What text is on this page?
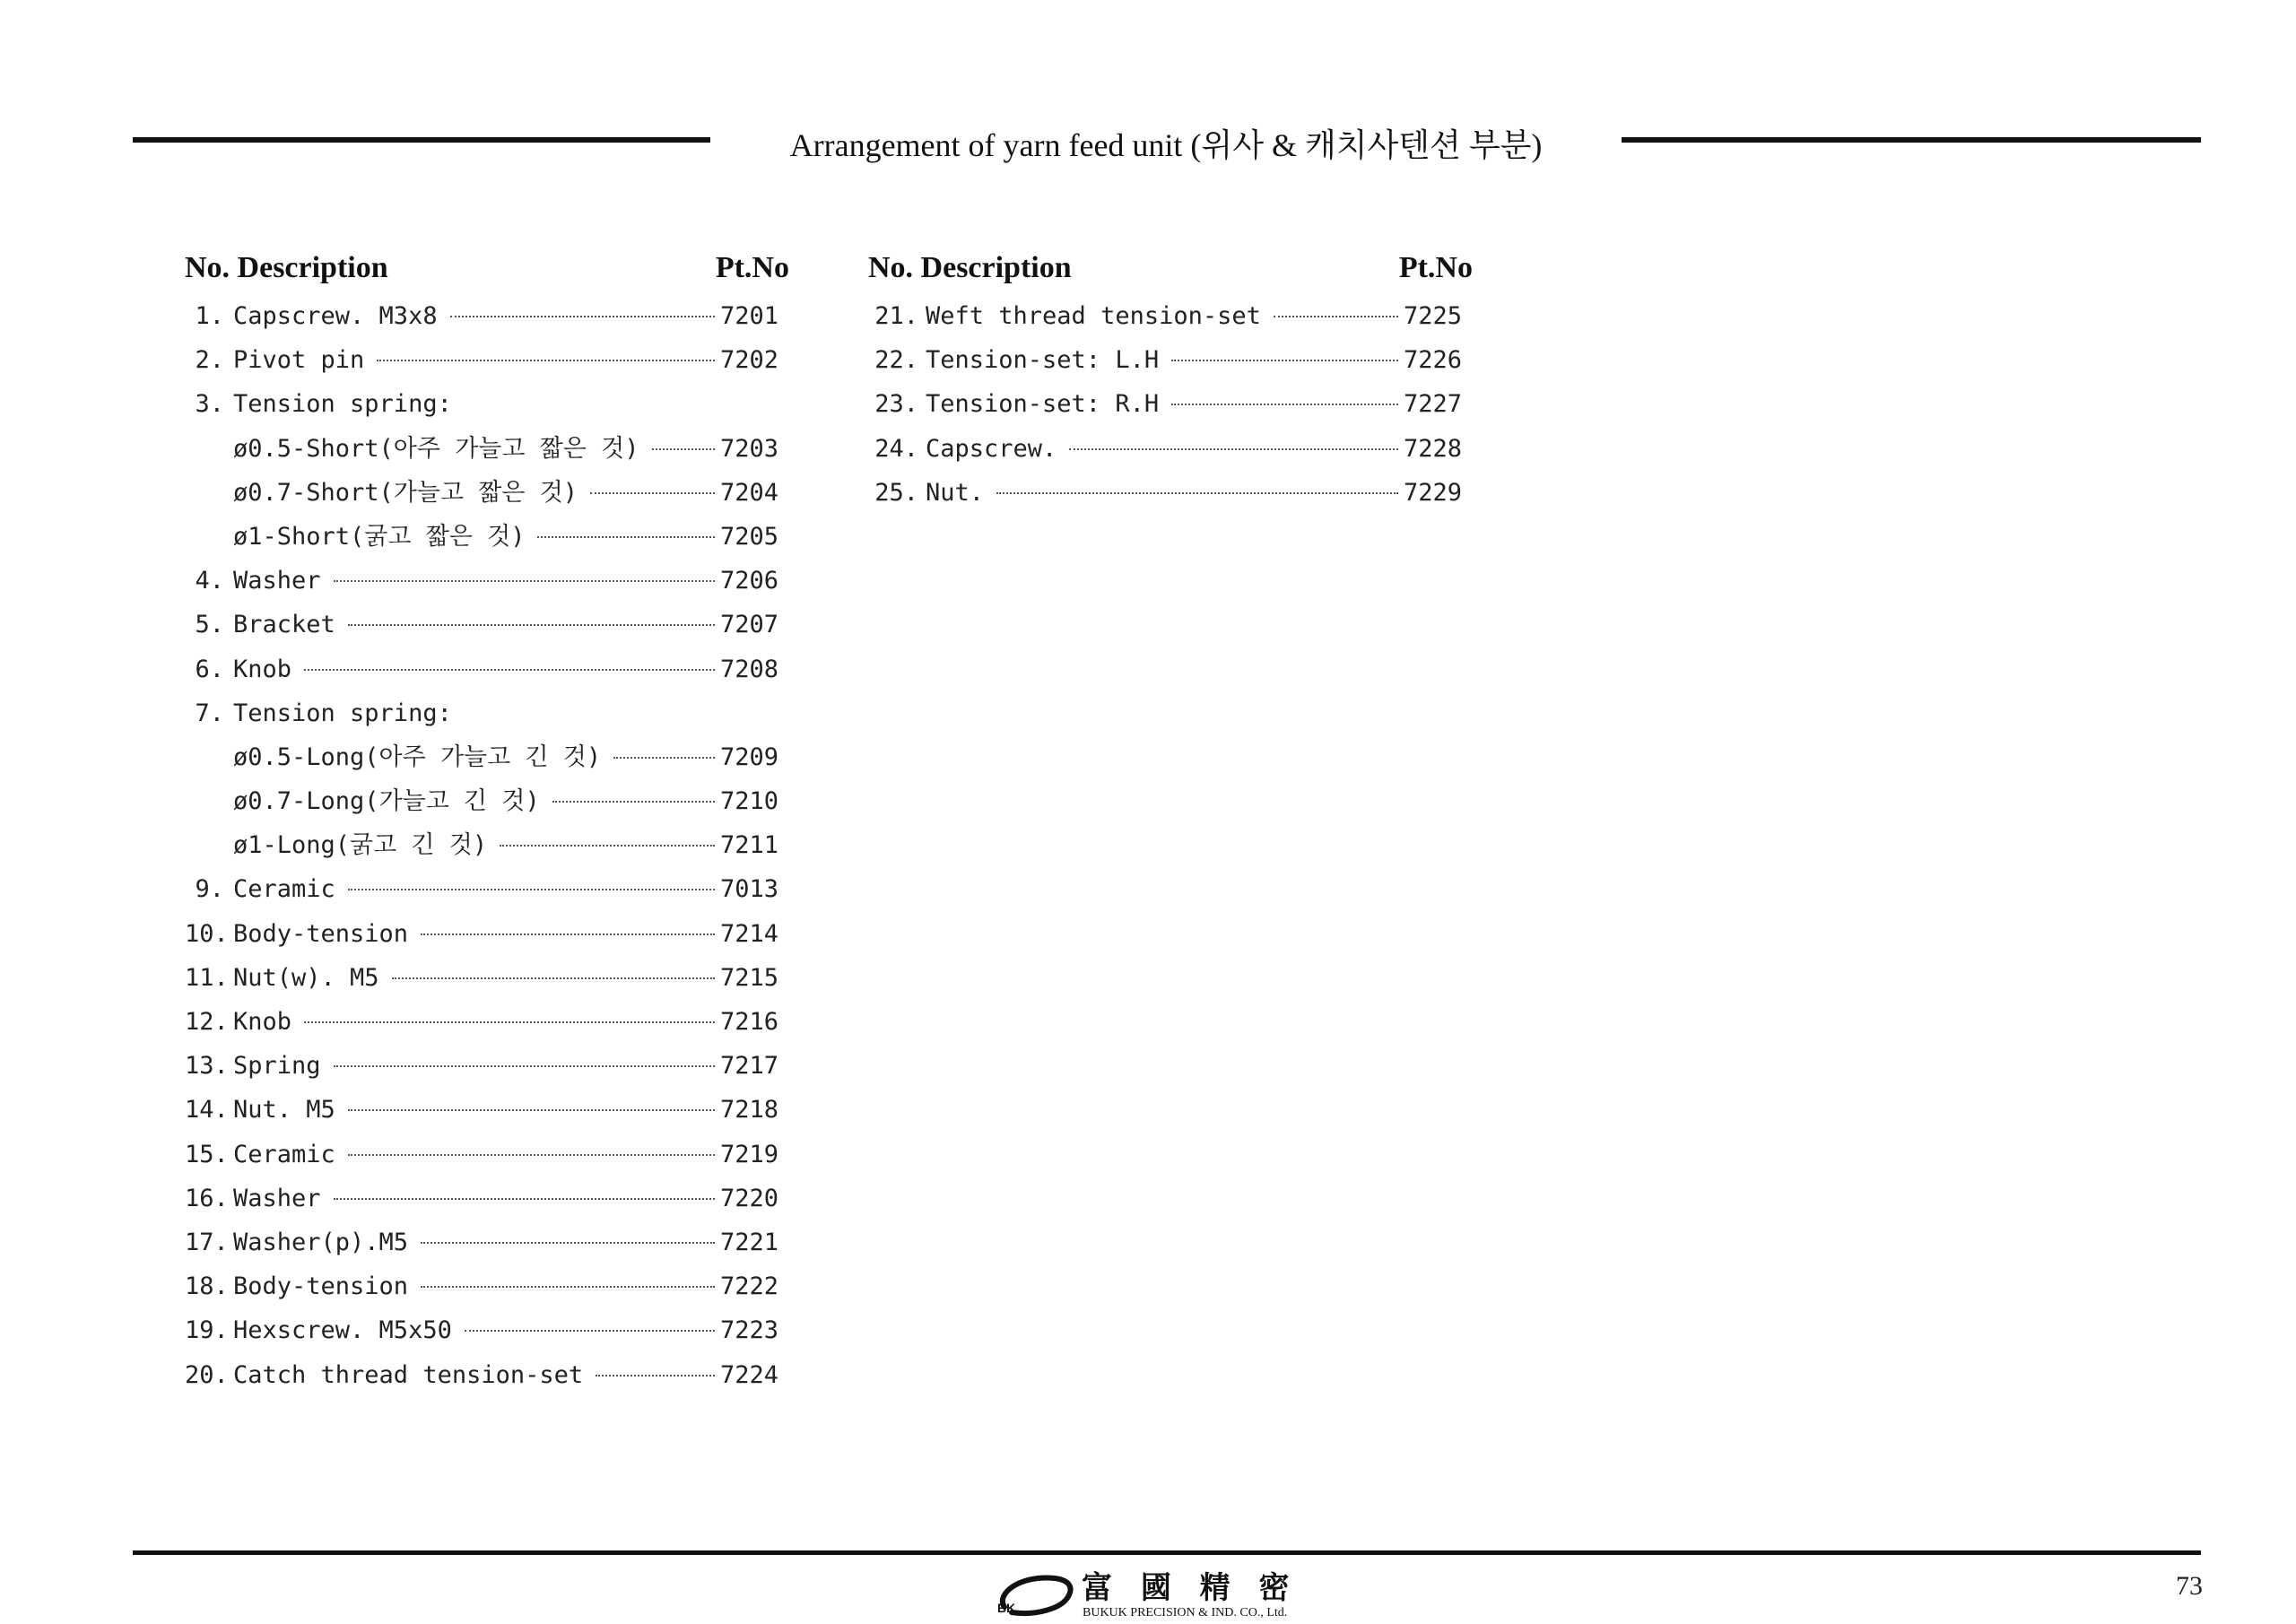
Arrangement of yarn feed unit (위사 & 캐치사텐션 부분)
No. Description	Pt.No
1. Capscrew. M3x8	7201
2. Pivot pin	7202
3. Tension spring:
ø0.5-Short(아주 가늘고 짧은 것)	7203
ø0.7-Short(가늘고 짧은 것)	7204
ø1-Short(굵고 짧은 것)	7205
4. Washer	7206
5. Bracket	7207
6. Knob	7208
7. Tension spring:
ø0.5-Long(아주 가늘고 긴 것)	7209
ø0.7-Long(가늘고 긴 것)	7210
ø1-Long(굵고 긴 것)	7211
9. Ceramic	7013
10. Body-tension	7214
11. Nut(w). M5	7215
12. Knob	7216
13. Spring	7217
14. Nut. M5	7218
15. Ceramic	7219
16. Washer	7220
17. Washer(p).M5	7221
18. Body-tension	7222
19. Hexscrew. M5x50	7223
20. Catch thread tension-set	7224
No. Description	Pt.No
21. Weft thread tension-set	7225
22. Tension-set: L.H	7226
23. Tension-set: R.H	7227
24. Capscrew.	7228
25. Nut.	7229
BK
富 國 精 密
BUKUK PRECISION & IND. CO., Ltd.
73
